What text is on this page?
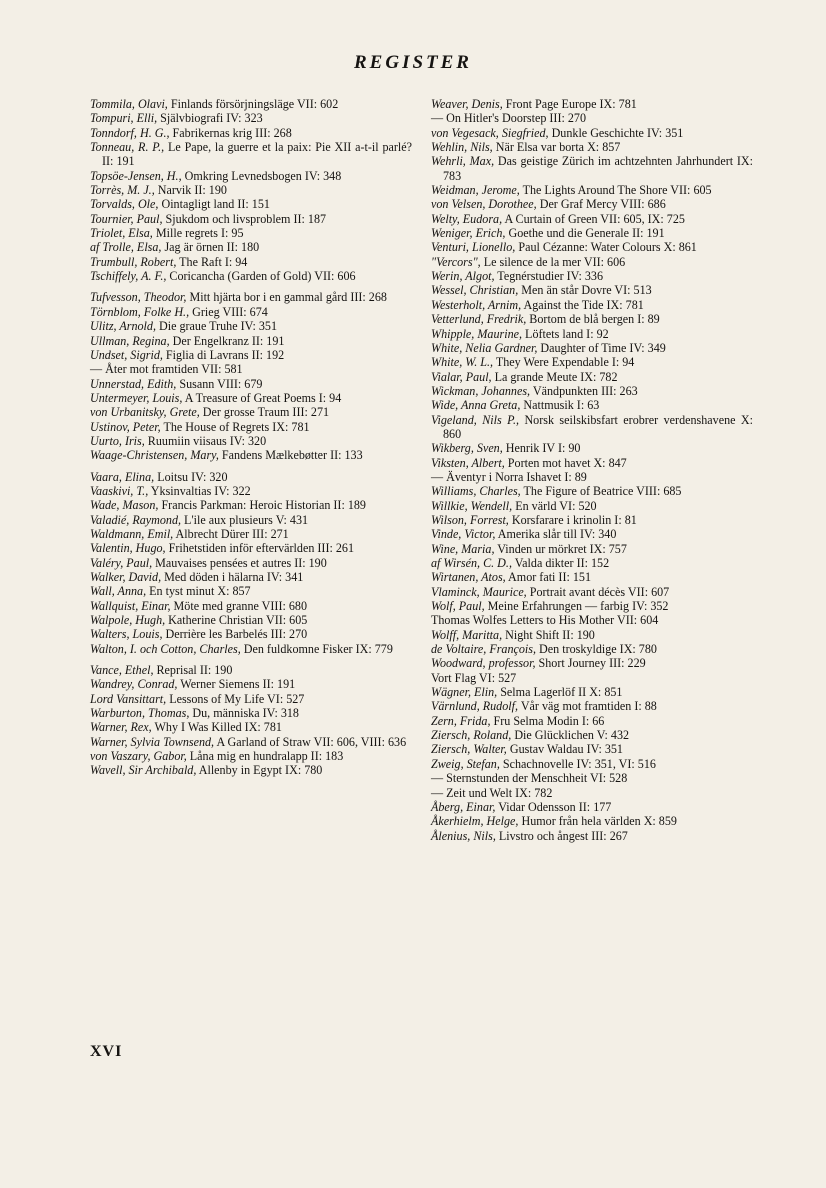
REGISTER
Tommila, Olavi, Finlands försörjningsläge VII: 602
Tompuri, Elli, Självbiografi IV: 323
Tonndorf, H. G., Fabrikernas krig III: 268
Tonneau, R. P., Le Pape, la guerre et la paix: Pie XII a-t-il parlé? II: 191
Topsöe-Jensen, H., Omkring Levnedsbogen IV: 348
Torrès, M. J., Narvik II: 190
Torvalds, Ole, Ointagligt land II: 151
Tournier, Paul, Sjukdom och livsproblem II: 187
Triolet, Elsa, Mille regrets I: 95
af Trolle, Elsa, Jag är örnen II: 180
Trumbull, Robert, The Raft I: 94
Tschiffely, A. F., Coricancha (Garden of Gold) VII: 606
Tufvesson, Theodor, Mitt hjärta bor i en gammal gård III: 268
Törnblom, Folke H., Grieg VIII: 674
Ulitz, Arnold, Die graue Truhe IV: 351
Ullman, Regina, Der Engelkranz II: 191
Undset, Sigrid, Figlia di Lavrans II: 192
— Åter mot framtiden VII: 581
Unnerstad, Edith, Susann VIII: 679
Untermeyer, Louis, A Treasure of Great Poems I: 94
von Urbanitsky, Grete, Der grosse Traum III: 271
Ustinov, Peter, The House of Regrets IX: 781
Uurto, Iris, Ruumiin viisaus IV: 320
Waage-Christensen, Mary, Fandens Mælkebøtter II: 133
Vaara, Elina, Loitsu IV: 320
Vaaskivi, T., Yksinvaltias IV: 322
Wade, Mason, Francis Parkman: Heroic Historian II: 189
Valadié, Raymond, L'ile aux plusieurs V: 431
Waldmann, Emil, Albrecht Dürer III: 271
Valentin, Hugo, Frihetstiden inför eftervärlden III: 261
Valéry, Paul, Mauvaises pensées et autres II: 190
Walker, David, Med döden i hälarna IV: 341
Wall, Anna, En tyst minut X: 857
Wallquist, Einar, Möte med granne VIII: 680
Walpole, Hugh, Katherine Christian VII: 605
Walters, Louis, Derrière les Barbelés III: 270
Walton, I. och Cotton, Charles, Den fuldkomne Fisker IX: 779
Vance, Ethel, Reprisal II: 190
Wandrey, Conrad, Werner Siemens II: 191
Lord Vansittart, Lessons of My Life VI: 527
Warburton, Thomas, Du, människa IV: 318
Warner, Rex, Why I Was Killed IX: 781
Warner, Sylvia Townsend, A Garland of Straw VII: 606, VIII: 636
von Vaszary, Gabor, Låna mig en hundralapp II: 183
Wavell, Sir Archibald, Allenby in Egypt IX: 780
Weaver, Denis, Front Page Europe IX: 781
— On Hitler's Doorstep III: 270
von Vegesack, Siegfried, Dunkle Geschichte IV: 351
Wehlin, Nils, När Elsa var borta X: 857
Wehrli, Max, Das geistige Zürich im achtzehnten Jahrhundert IX: 783
Weidman, Jerome, The Lights Around The Shore VII: 605
von Velsen, Dorothee, Der Graf Mercy VIII: 686
Welty, Eudora, A Curtain of Green VII: 605, IX: 725
Weniger, Erich, Goethe und die Generale II: 191
Venturi, Lionello, Paul Cézanne: Water Colours X: 861
"Vercors", Le silence de la mer VII: 606
Werin, Algot, Tegnérstudier IV: 336
Wessel, Christian, Men än står Dovre VI: 513
Westerholt, Arnim, Against the Tide IX: 781
Vetterlund, Fredrik, Bortom de blå bergen I: 89
Whipple, Maurine, Löftets land I: 92
White, Nelia Gardner, Daughter of Time IV: 349
White, W. L., They Were Expendable I: 94
Vialar, Paul, La grande Meute IX: 782
Wickman, Johannes, Vändpunkten III: 263
Wide, Anna Greta, Nattmusik I: 63
Vigeland, Nils P., Norsk seilskibsfart erobrer verdenshavene X: 860
Wikberg, Sven, Henrik IV I: 90
Viksten, Albert, Porten mot havet X: 847
— Äventyr i Norra Ishavet I: 89
Williams, Charles, The Figure of Beatrice VIII: 685
Willkie, Wendell, En värld VI: 520
Wilson, Forrest, Korsfarare i krinolin I: 81
Vinde, Victor, Amerika slår till IV: 340
Wine, Maria, Vinden ur mörkret IX: 757
af Wirsén, C. D., Valda dikter II: 152
Wirtanen, Atos, Amor fati II: 151
Vlaminck, Maurice, Portrait avant décès VII: 607
Wolf, Paul, Meine Erfahrungen — farbig IV: 352
Thomas Wolfes Letters to His Mother VII: 604
Wolff, Maritta, Night Shift II: 190
de Voltaire, François, Den troskyldige IX: 780
Woodward, professor, Short Journey III: 229
Vort Flag VI: 527
Wägner, Elin, Selma Lagerlöf II X: 851
Värnlund, Rudolf, Vår väg mot framtiden I: 88
Zern, Frida, Fru Selma Modin I: 66
Ziersch, Roland, Die Glücklichen V: 432
Ziersch, Walter, Gustav Waldau IV: 351
Zweig, Stefan, Schachnovelle IV: 351, VI: 516
— Sternstunden der Menschheit VI: 528
— Zeit und Welt IX: 782
Åberg, Einar, Vidar Odensson II: 177
Åkerhielm, Helge, Humor från hela världen X: 859
Ålenius, Nils, Livstro och ångest III: 267
XVI
